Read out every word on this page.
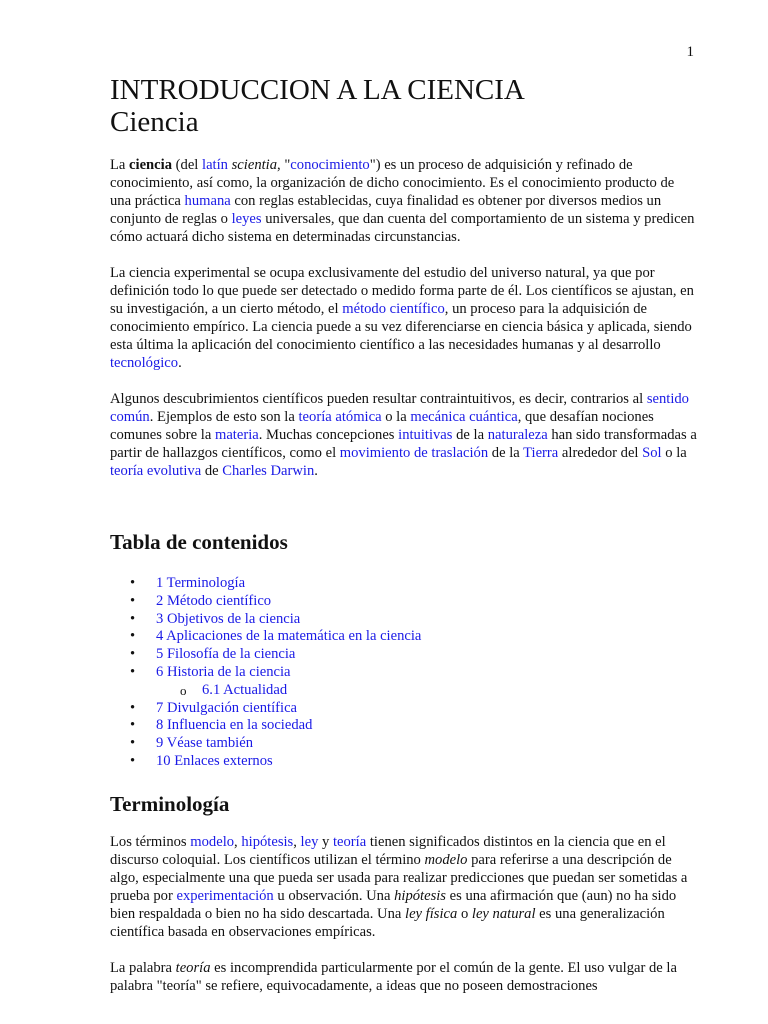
1
INTRODUCCION A LA CIENCIA
Ciencia

La ciencia (del latín scientia, "conocimiento") es un proceso de adquisición y refinado de conocimiento, así como, la organización de dicho conocimiento. Es el conocimiento producto de una práctica humana con reglas establecidas, cuya finalidad es obtener por diversos medios un conjunto de reglas o leyes universales, que dan cuenta del comportamiento de un sistema y predicen cómo actuará dicho sistema en determinadas circunstancias.

La ciencia experimental se ocupa exclusivamente del estudio del universo natural, ya que por definición todo lo que puede ser detectado o medido forma parte de él. Los científicos se ajustan, en su investigación, a un cierto método, el método científico, un proceso para la adquisición de conocimiento empírico. La ciencia puede a su vez diferenciarse en ciencia básica y aplicada, siendo esta última la aplicación del conocimiento científico a las necesidades humanas y al desarrollo tecnológico.

Algunos descubrimientos científicos pueden resultar contraintuitivos, es decir, contrarios al sentido común. Ejemplos de esto son la teoría atómica o la mecánica cuántica, que desafían nociones comunes sobre la materia. Muchas concepciones intuitivas de la naturaleza han sido transformadas a partir de hallazgos científicos, como el movimiento de traslación de la Tierra alrededor del Sol o la teoría evolutiva de Charles Darwin.

Tabla de contenidos
• 1 Terminología
• 2 Método científico
• 3 Objetivos de la ciencia
• 4 Aplicaciones de la matemática en la ciencia
• 5 Filosofía de la ciencia
• 6 Historia de la ciencia
o 6.1 Actualidad
• 7 Divulgación científica
• 8 Influencia en la sociedad
• 9 Véase también
• 10 Enlaces externos
Terminología

Los términos modelo, hipótesis, ley y teoría tienen significados distintos en la ciencia que en el discurso coloquial. Los científicos utilizan el término modelo para referirse a una descripción de algo, especialmente una que pueda ser usada para realizar predicciones que puedan ser sometidas a prueba por experimentación u observación. Una hipótesis es una afirmación que (aun) no ha sido bien respaldada o bien no ha sido descartada. Una ley física o ley natural es una generalización científica basada en observaciones empíricas.

La palabra teoría es incomprendida particularmente por el común de la gente. El uso vulgar de la palabra "teoría" se refiere, equivocadamente, a ideas que no poseen demostraciones
